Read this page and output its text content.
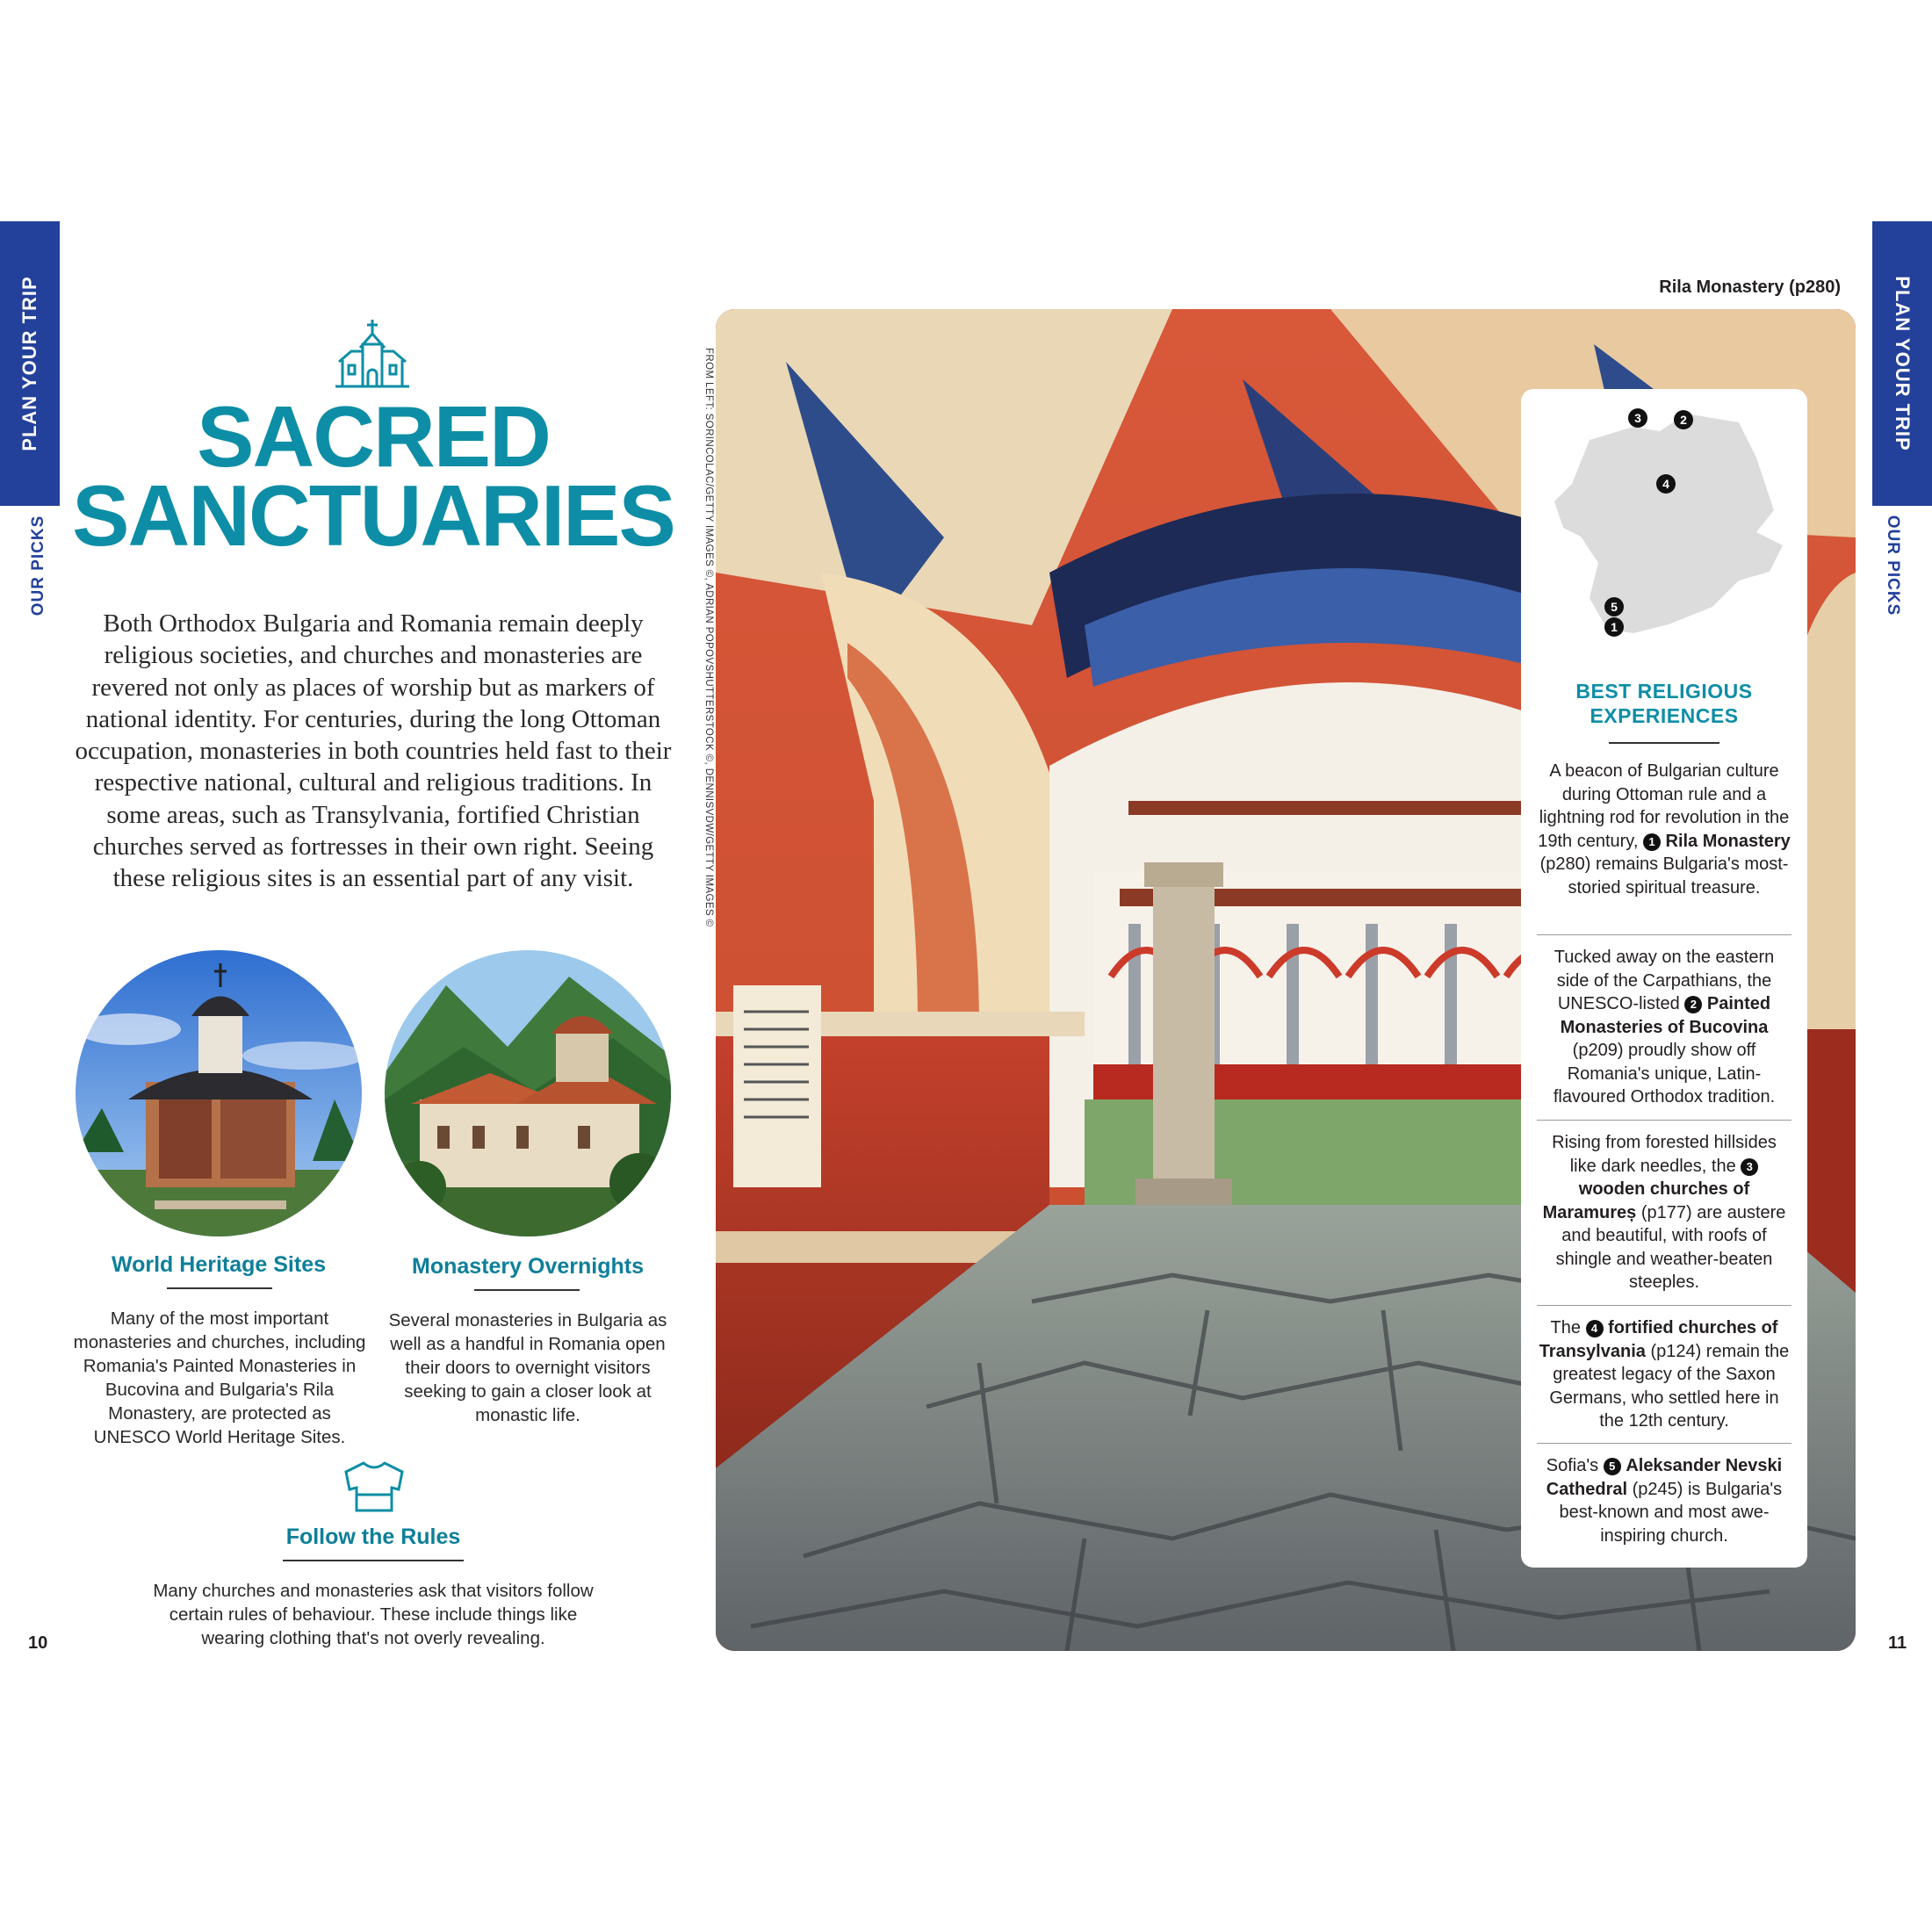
PLAN YOUR TRIP
OUR PICKS
PLAN YOUR TRIP
OUR PICKS
SACRED
SANCTUARIES

Both Orthodox Bulgaria and Romania remain deeply religious societies, and churches and monasteries are revered not only as places of worship but as markers of national identity. For centuries, during the long Ottoman occupation, monasteries in both countries held fast to their respective national, cultural and religious traditions. In some areas, such as Transylvania, fortified Christian churches served as fortresses in their own right. Seeing these religious sites is an essential part of any visit.

World Heritage Sites

Many of the most important monasteries and churches, including Romania's Painted Monasteries in Bucovina and Bulgaria's Rila Monastery, are protected as UNESCO World Heritage Sites.

Monastery Overnights

Several monasteries in Bulgaria as well as a handful in Romania open their doors to overnight visitors seeking to gain a closer look at monastic life.

Follow the Rules

Many churches and monasteries ask that visitors follow certain rules of behaviour. These include things like wearing clothing that's not overly revealing.

10	11
FROM LEFT: SORINCOLAC/GETTY IMAGES ©, ADRIAN POPOVSHUTTERSTOCK ©, DENNISVDW/GETTY IMAGES ©
Rila Monastery (p280)
3	2
4
5
1
BEST RELIGIOUS
EXPERIENCES

A beacon of Bulgarian culture during Ottoman rule and a lightning rod for revolution in the 19th century, 1 Rila Monastery (p280) remains Bulgaria's most-storied spiritual treasure.

Tucked away on the eastern side of the Carpathians, the UNESCO-listed 2 Painted Monasteries of Bucovina (p209) proudly show off Romania's unique, Latin-flavoured Orthodox tradition.

Rising from forested hillsides like dark needles, the 3 wooden churches of Maramureș (p177) are austere and beautiful, with roofs of shingle and weather-beaten steeples.

The 4 fortified churches of Transylvania (p124) remain the greatest legacy of the Saxon Germans, who settled here in the 12th century.

Sofia's 5 Aleksander Nevski Cathedral (p245) is Bulgaria's best-known and most awe-inspiring church.
